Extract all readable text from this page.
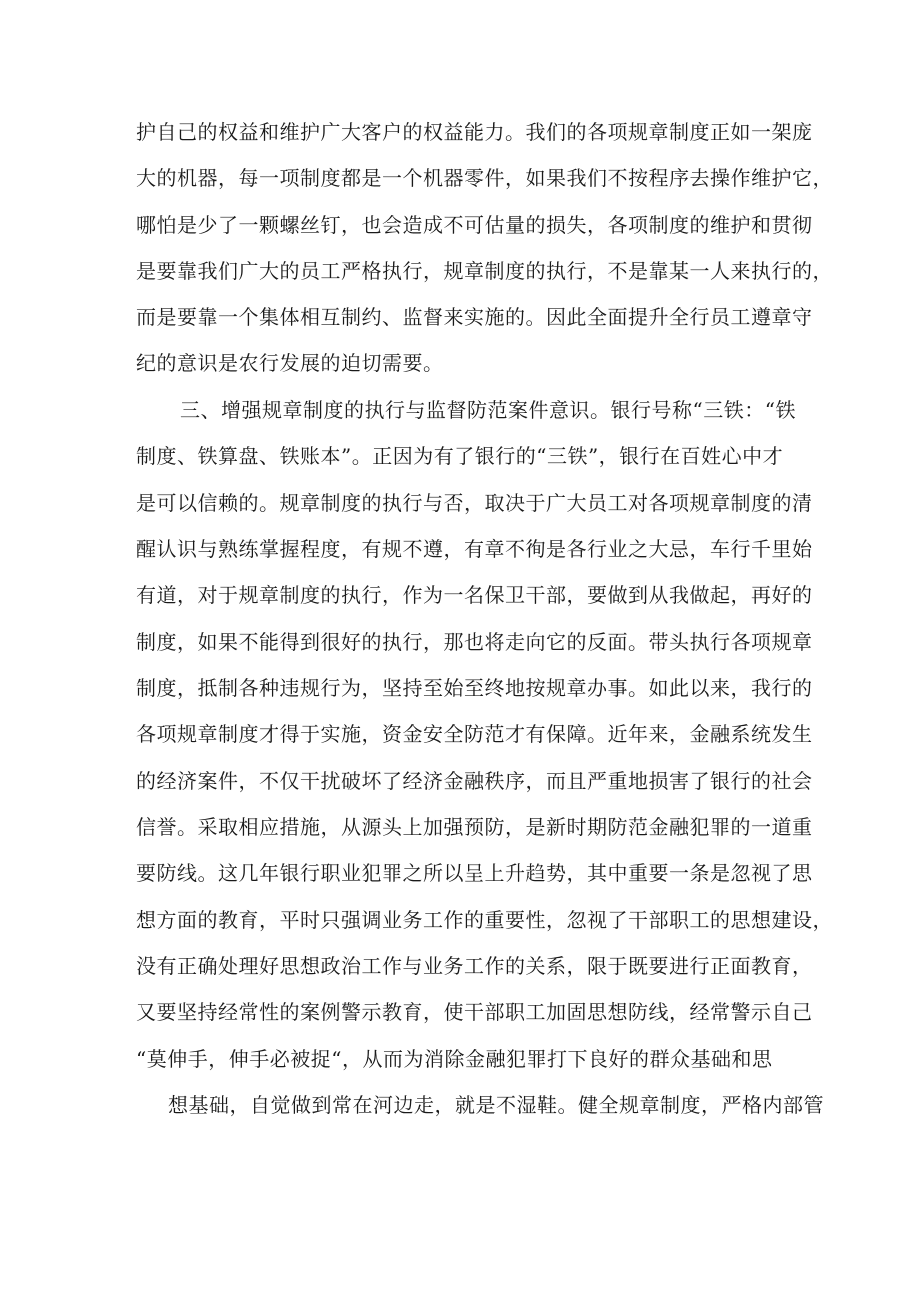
护自己的权益和维护广大客户的权益能力。我们的各项规章制度正如一架庞
大的机器，每一项制度都是一个机器零件，如果我们不按程序去操作维护它，
哪怕是少了一颗螺丝钉，也会造成不可估量的损失，各项制度的维护和贯彻
是要靠我们广大的员工严格执行，规章制度的执行，不是靠某一人来执行的，
而是要靠一个集体相互制约、监督来实施的。因此全面提升全行员工遵章守
纪的意识是农行发展的迫切需要。
三、增强规章制度的执行与监督防范案件意识。银行号称“三铁：“铁
制度、铁算盘、铁账本”。正因为有了银行的“三铁”，银行在百姓心中才
是可以信赖的。规章制度的执行与否，取决于广大员工对各项规章制度的清
醒认识与熟练掌握程度，有规不遵，有章不徇是各行业之大忌，车行千里始
有道，对于规章制度的执行，作为一名保卫干部，要做到从我做起，再好的
制度，如果不能得到很好的执行，那也将走向它的反面。带头执行各项规章
制度，抵制各种违规行为，坚持至始至终地按规章办事。如此以来，我行的
各项规章制度才得于实施，资金安全防范才有保障。近年来，金融系统发生
的经济案件，不仅干扰破坏了经济金融秩序，而且严重地损害了银行的社会
信誉。采取相应措施，从源头上加强预防，是新时期防范金融犯罪的一道重
要防线。这几年银行职业犯罪之所以呈上升趋势，其中重要一条是忽视了思
想方面的教育，平时只强调业务工作的重要性，忽视了干部职工的思想建设，
没有正确处理好思想政治工作与业务工作的关系，限于既要进行正面教育，
又要坚持经常性的案例警示教育，使干部职工加固思想防线，经常警示自己
“莫伸手，伸手必被捉“，从而为消除金融犯罪打下良好的群众基础和思
想基础，自觉做到常在河边走，就是不湿鞋。健全规章制度，严格内部管
